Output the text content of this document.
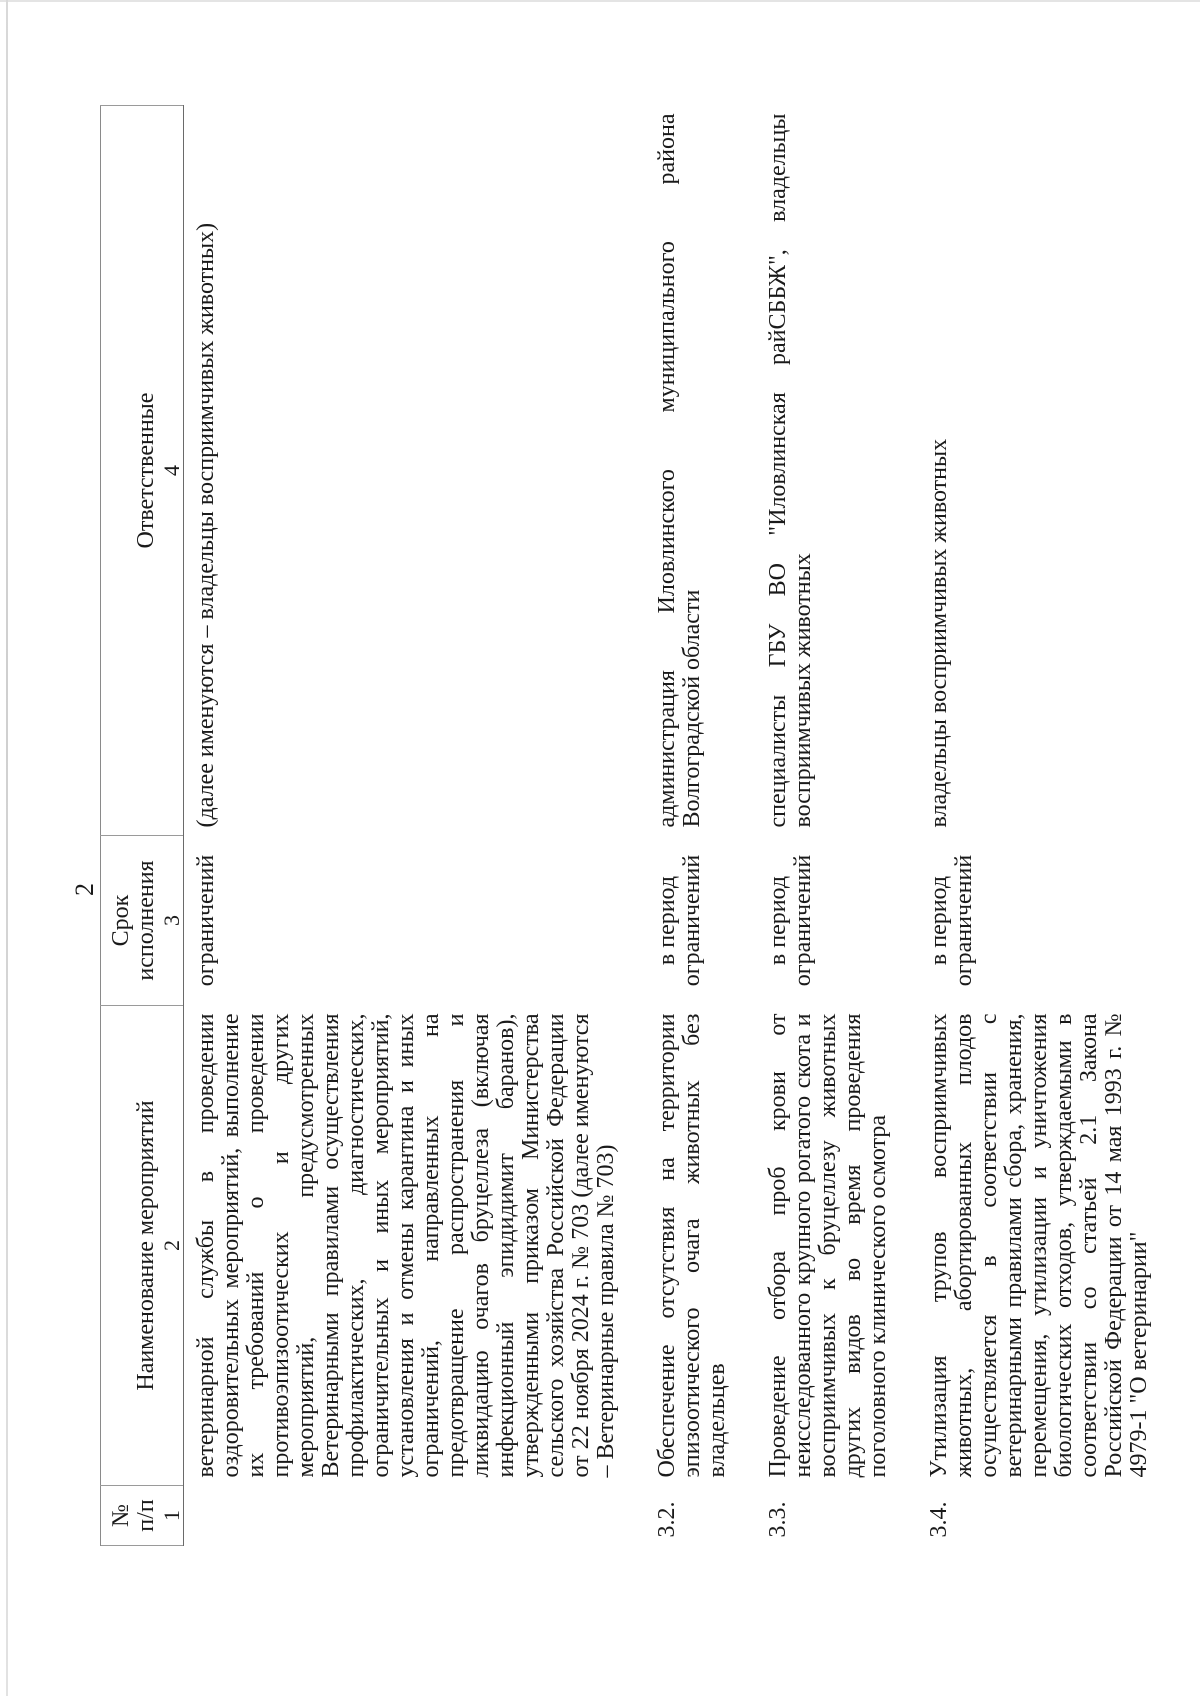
2
№ п/п	Наименование мероприятий	Срок исполнения	Ответственные
1	2	3	4
	ветеринарной службы в проведении оздоровительных мероприятий, выполнение их требований о проведении противоэпизоотических и других мероприятий, предусмотренных Ветеринарными правилами осуществления профилактических, диагностических, ограничительных и иных мероприятий, установления и отмены карантина и иных ограничений, направленных на предотвращение распространения и ликвидацию очагов бруцеллеза (включая инфекционный эпидидимит баранов), утвержденными приказом Министерства сельского хозяйства Российской Федерации от 22 ноября 2024 г. № 703 (далее именуются – Ветеринарные правила № 703)	ограничений	(далее именуются – владельцы восприимчивых животных)
3.2.	Обеспечение отсутствия на территории эпизоотического очага животных без владельцев	в период ограничений	администрация Иловлинского муниципального района Волгоградской области
3.3.	Проведение отбора проб крови от неисследованного крупного рогатого скота и восприимчивых к бруцеллезу животных других видов во время проведения поголовного клинического осмотра	в период ограничений	специалисты ГБУ ВО "Иловлинская райСББЖ", владельцы восприимчивых животных
3.4.	Утилизация трупов восприимчивых животных, абортированных плодов осуществляется в соответствии с ветеринарными правилами сбора, хранения, перемещения, утилизации и уничтожения биологических отходов, утверждаемыми в соответствии со статьей 2.1 Закона Российской Федерации от 14 мая 1993 г. № 4979-1 "О ветеринарии"	в период ограничений	владельцы восприимчивых животных
